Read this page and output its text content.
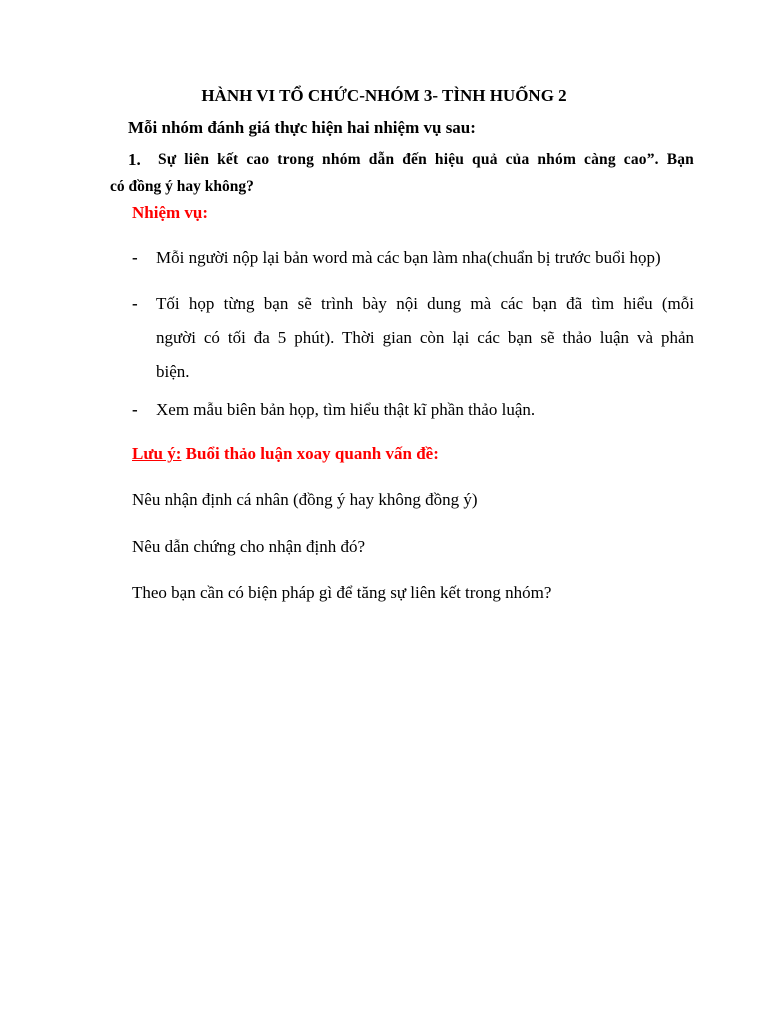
HÀNH VI TỔ CHỨC-NHÓM 3- TÌNH HUỐNG 2
Mỗi nhóm đánh giá thực hiện hai nhiệm vụ sau:
1.	Sự liên kết cao trong nhóm dẫn đến hiệu quả của nhóm càng cao”. Bạn
có đồng ý hay không?
Nhiệm vụ:
- Mỗi người nộp lại bản word mà các bạn làm nha(chuẩn bị trước buổi họp)
- Tối họp từng bạn sẽ trình bày nội dung mà các bạn đã tìm hiểu (mỗi
người có tối đa 5 phút). Thời gian còn lại các bạn sẽ thảo luận và phản
biện.
- Xem mẫu biên bản họp, tìm hiểu thật kĩ phần thảo luận.
Lưu ý: Buổi thảo luận xoay quanh vấn đề:
Nêu nhận định cá nhân (đồng ý hay không đồng ý)
Nêu dẫn chứng cho nhận định đó?
Theo bạn cần có biện pháp gì để tăng sự liên kết trong nhóm?
